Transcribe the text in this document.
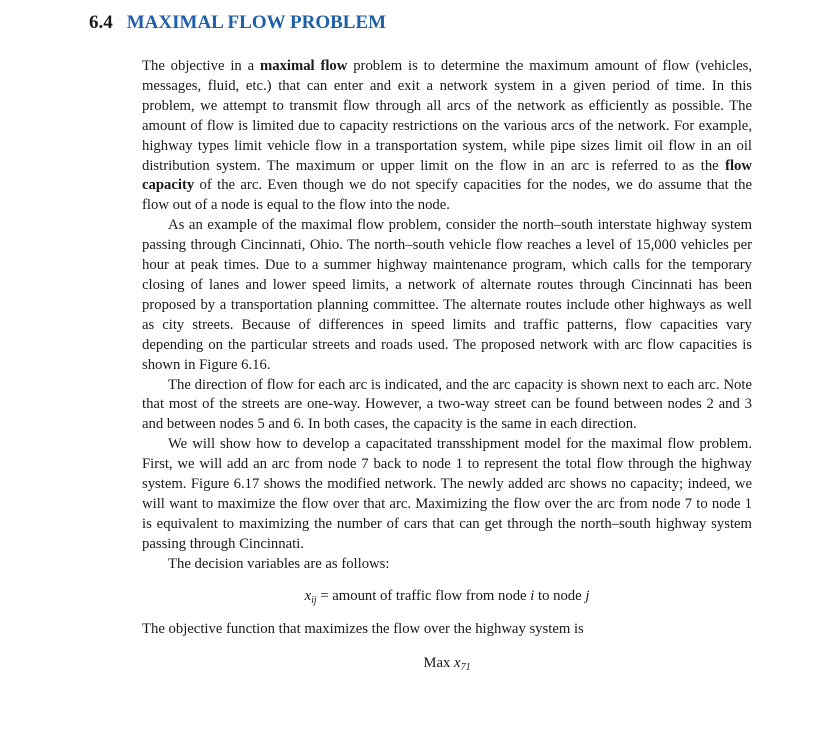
6.4 MAXIMAL FLOW PROBLEM

The objective in a maximal flow problem is to determine the maximum amount of flow (vehicles, messages, fluid, etc.) that can enter and exit a network system in a given period of time. In this problem, we attempt to transmit flow through all arcs of the network as efficiently as possible. The amount of flow is limited due to capacity restrictions on the various arcs of the network. For example, highway types limit vehicle flow in a transportation system, while pipe sizes limit oil flow in an oil distribution system. The maximum or upper limit on the flow in an arc is referred to as the flow capacity of the arc. Even though we do not specify capacities for the nodes, we do assume that the flow out of a node is equal to the flow into the node.

As an example of the maximal flow problem, consider the north–south interstate highway system passing through Cincinnati, Ohio. The north–south vehicle flow reaches a level of 15,000 vehicles per hour at peak times. Due to a summer highway maintenance program, which calls for the temporary closing of lanes and lower speed limits, a network of alternate routes through Cincinnati has been proposed by a transportation planning committee. The alternate routes include other highways as well as city streets. Because of differences in speed limits and traffic patterns, flow capacities vary depending on the particular streets and roads used. The proposed network with arc flow capacities is shown in Figure 6.16.

The direction of flow for each arc is indicated, and the arc capacity is shown next to each arc. Note that most of the streets are one-way. However, a two-way street can be found between nodes 2 and 3 and between nodes 5 and 6. In both cases, the capacity is the same in each direction.

We will show how to develop a capacitated transshipment model for the maximal flow problem. First, we will add an arc from node 7 back to node 1 to represent the total flow through the highway system. Figure 6.17 shows the modified network. The newly added arc shows no capacity; indeed, we will want to maximize the flow over that arc. Maximizing the flow over the arc from node 7 to node 1 is equivalent to maximizing the number of cars that can get through the north–south highway system passing through Cincinnati.

The decision variables are as follows:

$x_{ij}$ = amount of traffic flow from node i to node j

The objective function that maximizes the flow over the highway system is

Max $x_{71}$
